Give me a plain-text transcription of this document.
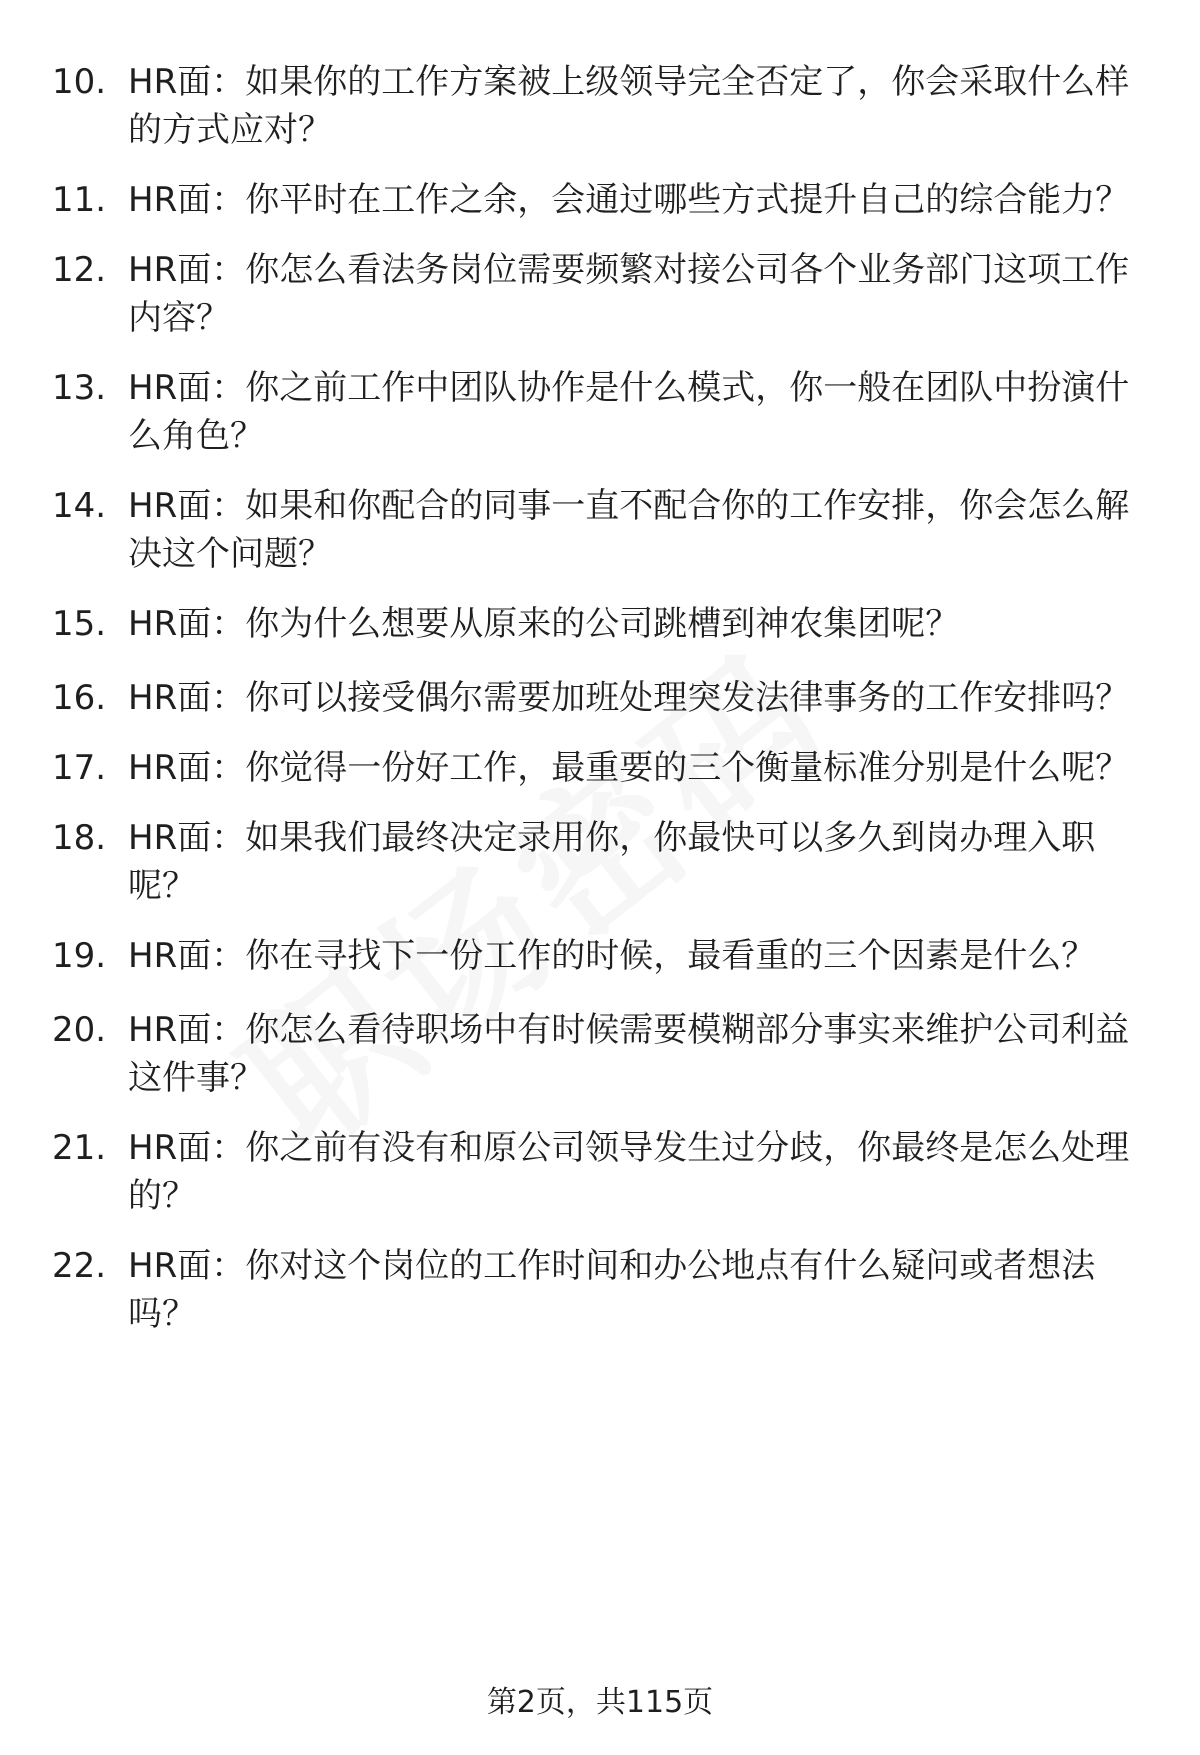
10. HR面：如果你的工作方案被上级领导完全否定了，你会采取什么样的方式应对？
11. HR面：你平时在工作之余，会通过哪些方式提升自己的综合能力？
12. HR面：你怎么看法务岗位需要频繁对接公司各个业务部门这项工作内容？
13. HR面：你之前工作中团队协作是什么模式，你一般在团队中扮演什么角色？
14. HR面：如果和你配合的同事一直不配合你的工作安排，你会怎么解决这个问题？
15. HR面：你为什么想要从原来的公司跳槽到神农集团呢？
16. HR面：你可以接受偶尔需要加班处理突发法律事务的工作安排吗？
17. HR面：你觉得一份好工作，最重要的三个衡量标准分别是什么呢？
18. HR面：如果我们最终决定录用你，你最快可以多久到岗办理入职呢？
19. HR面：你在寻找下一份工作的时候，最看重的三个因素是什么？
20. HR面：你怎么看待职场中有时候需要模糊部分事实来维护公司利益这件事？
21. HR面：你之前有没有和原公司领导发生过分歧，你最终是怎么处理的？
22. HR面：你对这个岗位的工作时间和办公地点有什么疑问或者想法吗？
第2页，共115页
